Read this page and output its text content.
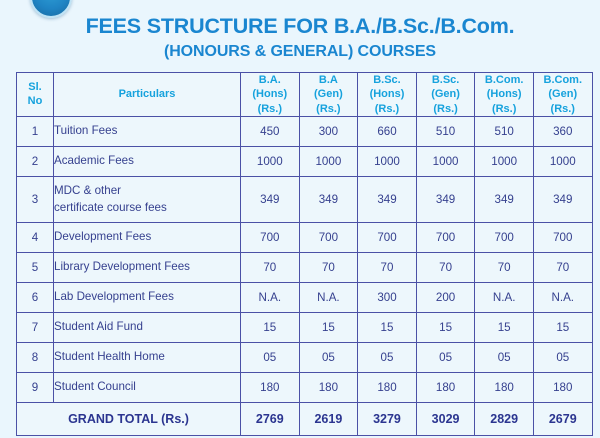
FEES STRUCTURE FOR B.A./B.Sc./B.Com.
(HONOURS & GENERAL) COURSES
Sl.
No	Particulars	B.A.
(Hons)
(Rs.)	B.A
(Gen)
(Rs.)	B.Sc.
(Hons)
(Rs.)	B.Sc.
(Gen)
(Rs.)	B.Com.
(Hons)
(Rs.)	B.Com.
(Gen)
(Rs.)

1	Tuition Fees	450	300	660	510	510	360
2	Academic Fees	1000	1000	1000	1000	1000	1000
3	MDC & other
certificate course fees	349	349	349	349	349	349
4	Development Fees	700	700	700	700	700	700
5	Library Development Fees	70	70	70	70	70	70
6	Lab Development Fees	N.A.	N.A.	300	200	N.A.	N.A.
7	Student Aid Fund	15	15	15	15	15	15
8	Student Health Home	05	05	05	05	05	05
9	Student Council	180	180	180	180	180	180
GRAND TOTAL (Rs.)		2769	2619	3279	3029	2829	2679
